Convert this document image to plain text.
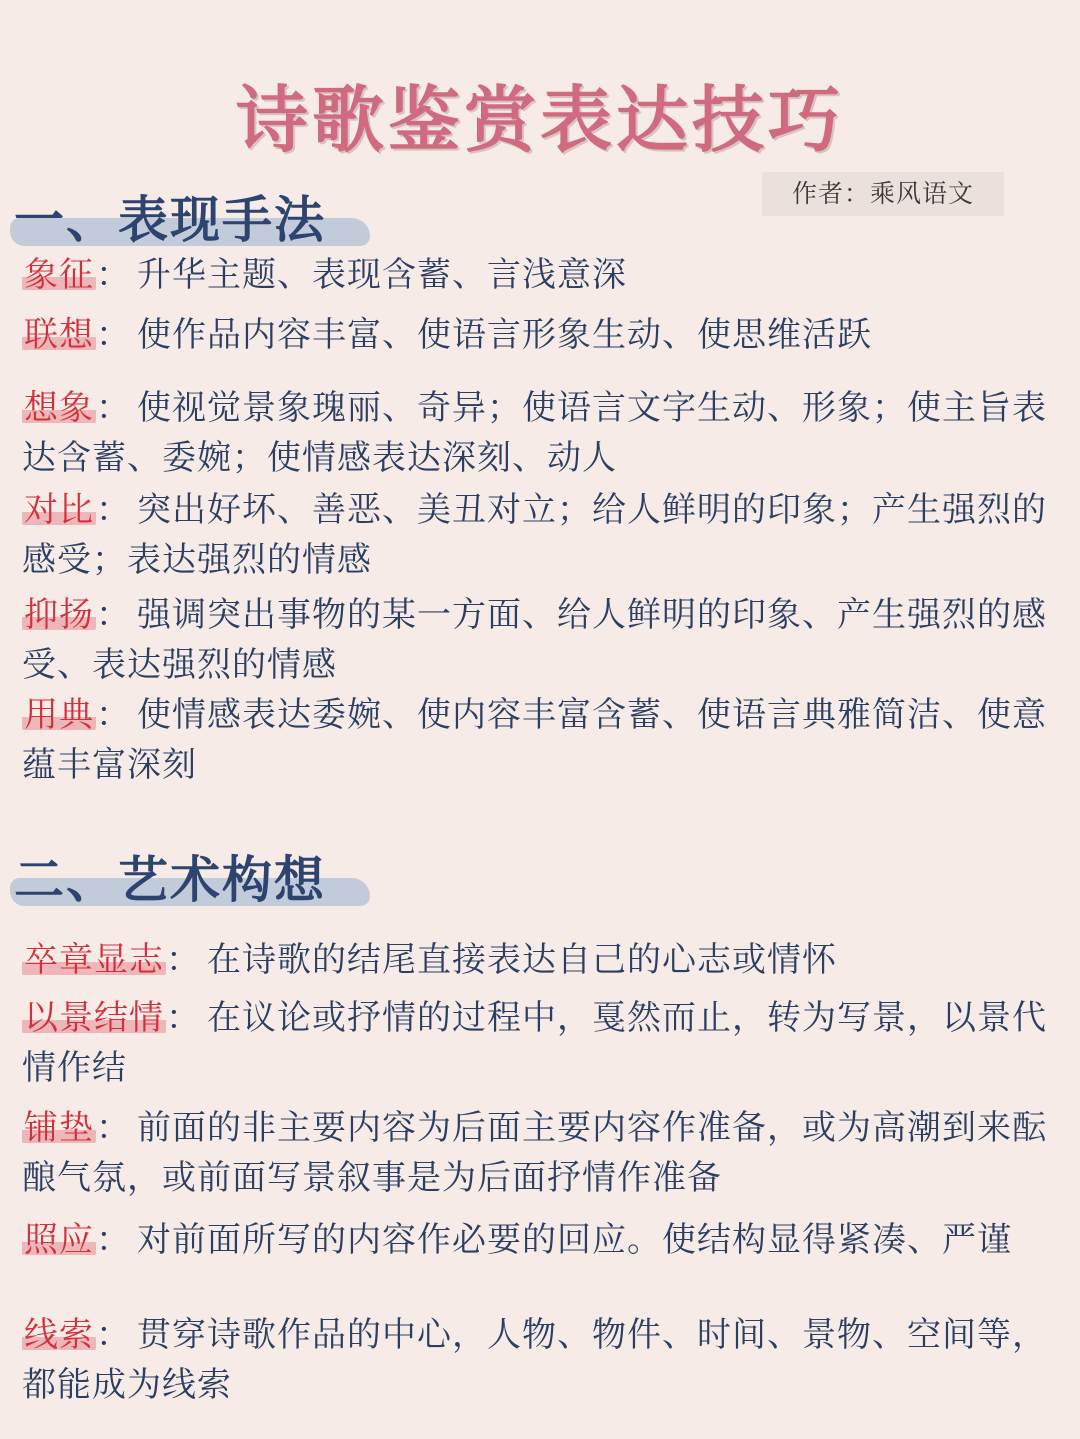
诗歌鉴赏表达技巧
作者：乘风语文
一、表现手法
象征： 升华主题、表现含蓄、言浅意深
联想： 使作品内容丰富、使语言形象生动、使思维活跃
想象： 使视觉景象瑰丽、奇异；使语言文字生动、形象；使主旨表达含蓄、委婉；使情感表达深刻、动人
对比： 突出好坏、善恶、美丑对立；给人鲜明的印象；产生强烈的感受；表达强烈的情感
抑扬： 强调突出事物的某一方面、给人鲜明的印象、产生强烈的感受、表达强烈的情感
用典： 使情感表达委婉、使内容丰富含蓄、使语言典雅简洁、使意蕴丰富深刻
二、艺术构想
卒章显志： 在诗歌的结尾直接表达自己的心志或情怀
以景结情： 在议论或抒情的过程中，戛然而止，转为写景，以景代情作结
铺垫： 前面的非主要内容为后面主要内容作准备，或为高潮到来酝酿气氛，或前面写景叙事是为后面抒情作准备
照应： 对前面所写的内容作必要的回应。使结构显得紧凑、严谨
线索： 贯穿诗歌作品的中心，人物、物件、时间、景物、空间等，都能成为线索
